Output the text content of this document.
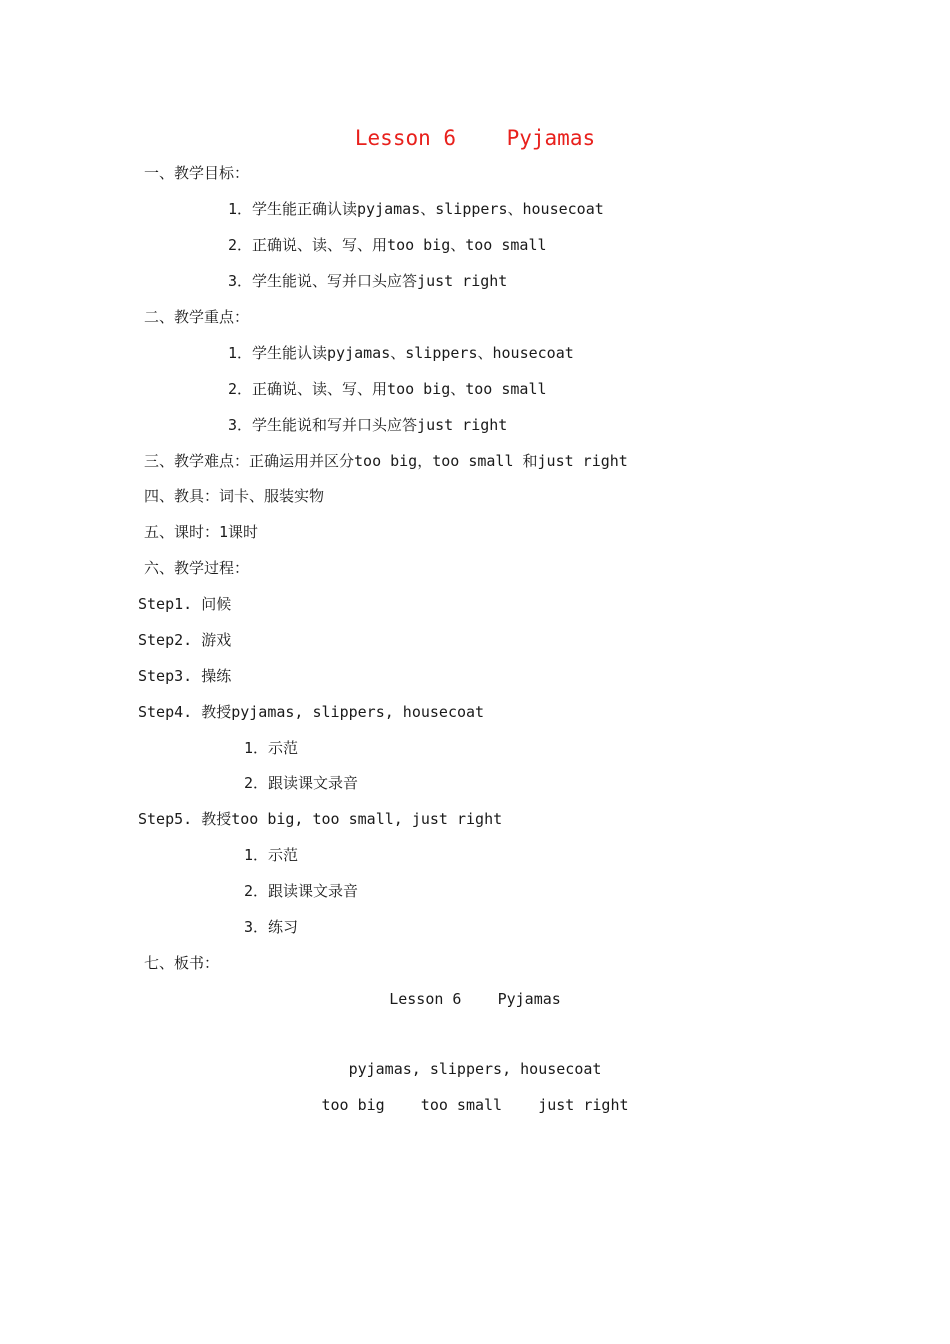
Lesson 6    Pyjamas
一、教学目标：
1．学生能正确认读pyjamas、slippers、housecoat
2．正确说、读、写、用too big、too small
3．学生能说、写并口头应答just right
二、教学重点：
1．学生能认读pyjamas、slippers、housecoat
2．正确说、读、写、用too big、too small
3．学生能说和写并口头应答just right
三、教学难点：正确运用并区分too big，too small 和just right
四、教具：词卡、服装实物
五、课时：1课时
六、教学过程：
Step1. 问候
Step2. 游戏
Step3. 操练
Step4. 教授pyjamas, slippers, housecoat
1．示范
2．跟读课文录音
Step5. 教授too big, too small, just right
1．示范
2．跟读课文录音
3．练习
七、板书：
Lesson 6    Pyjamas
pyjamas, slippers, housecoat
too big    too small    just right
